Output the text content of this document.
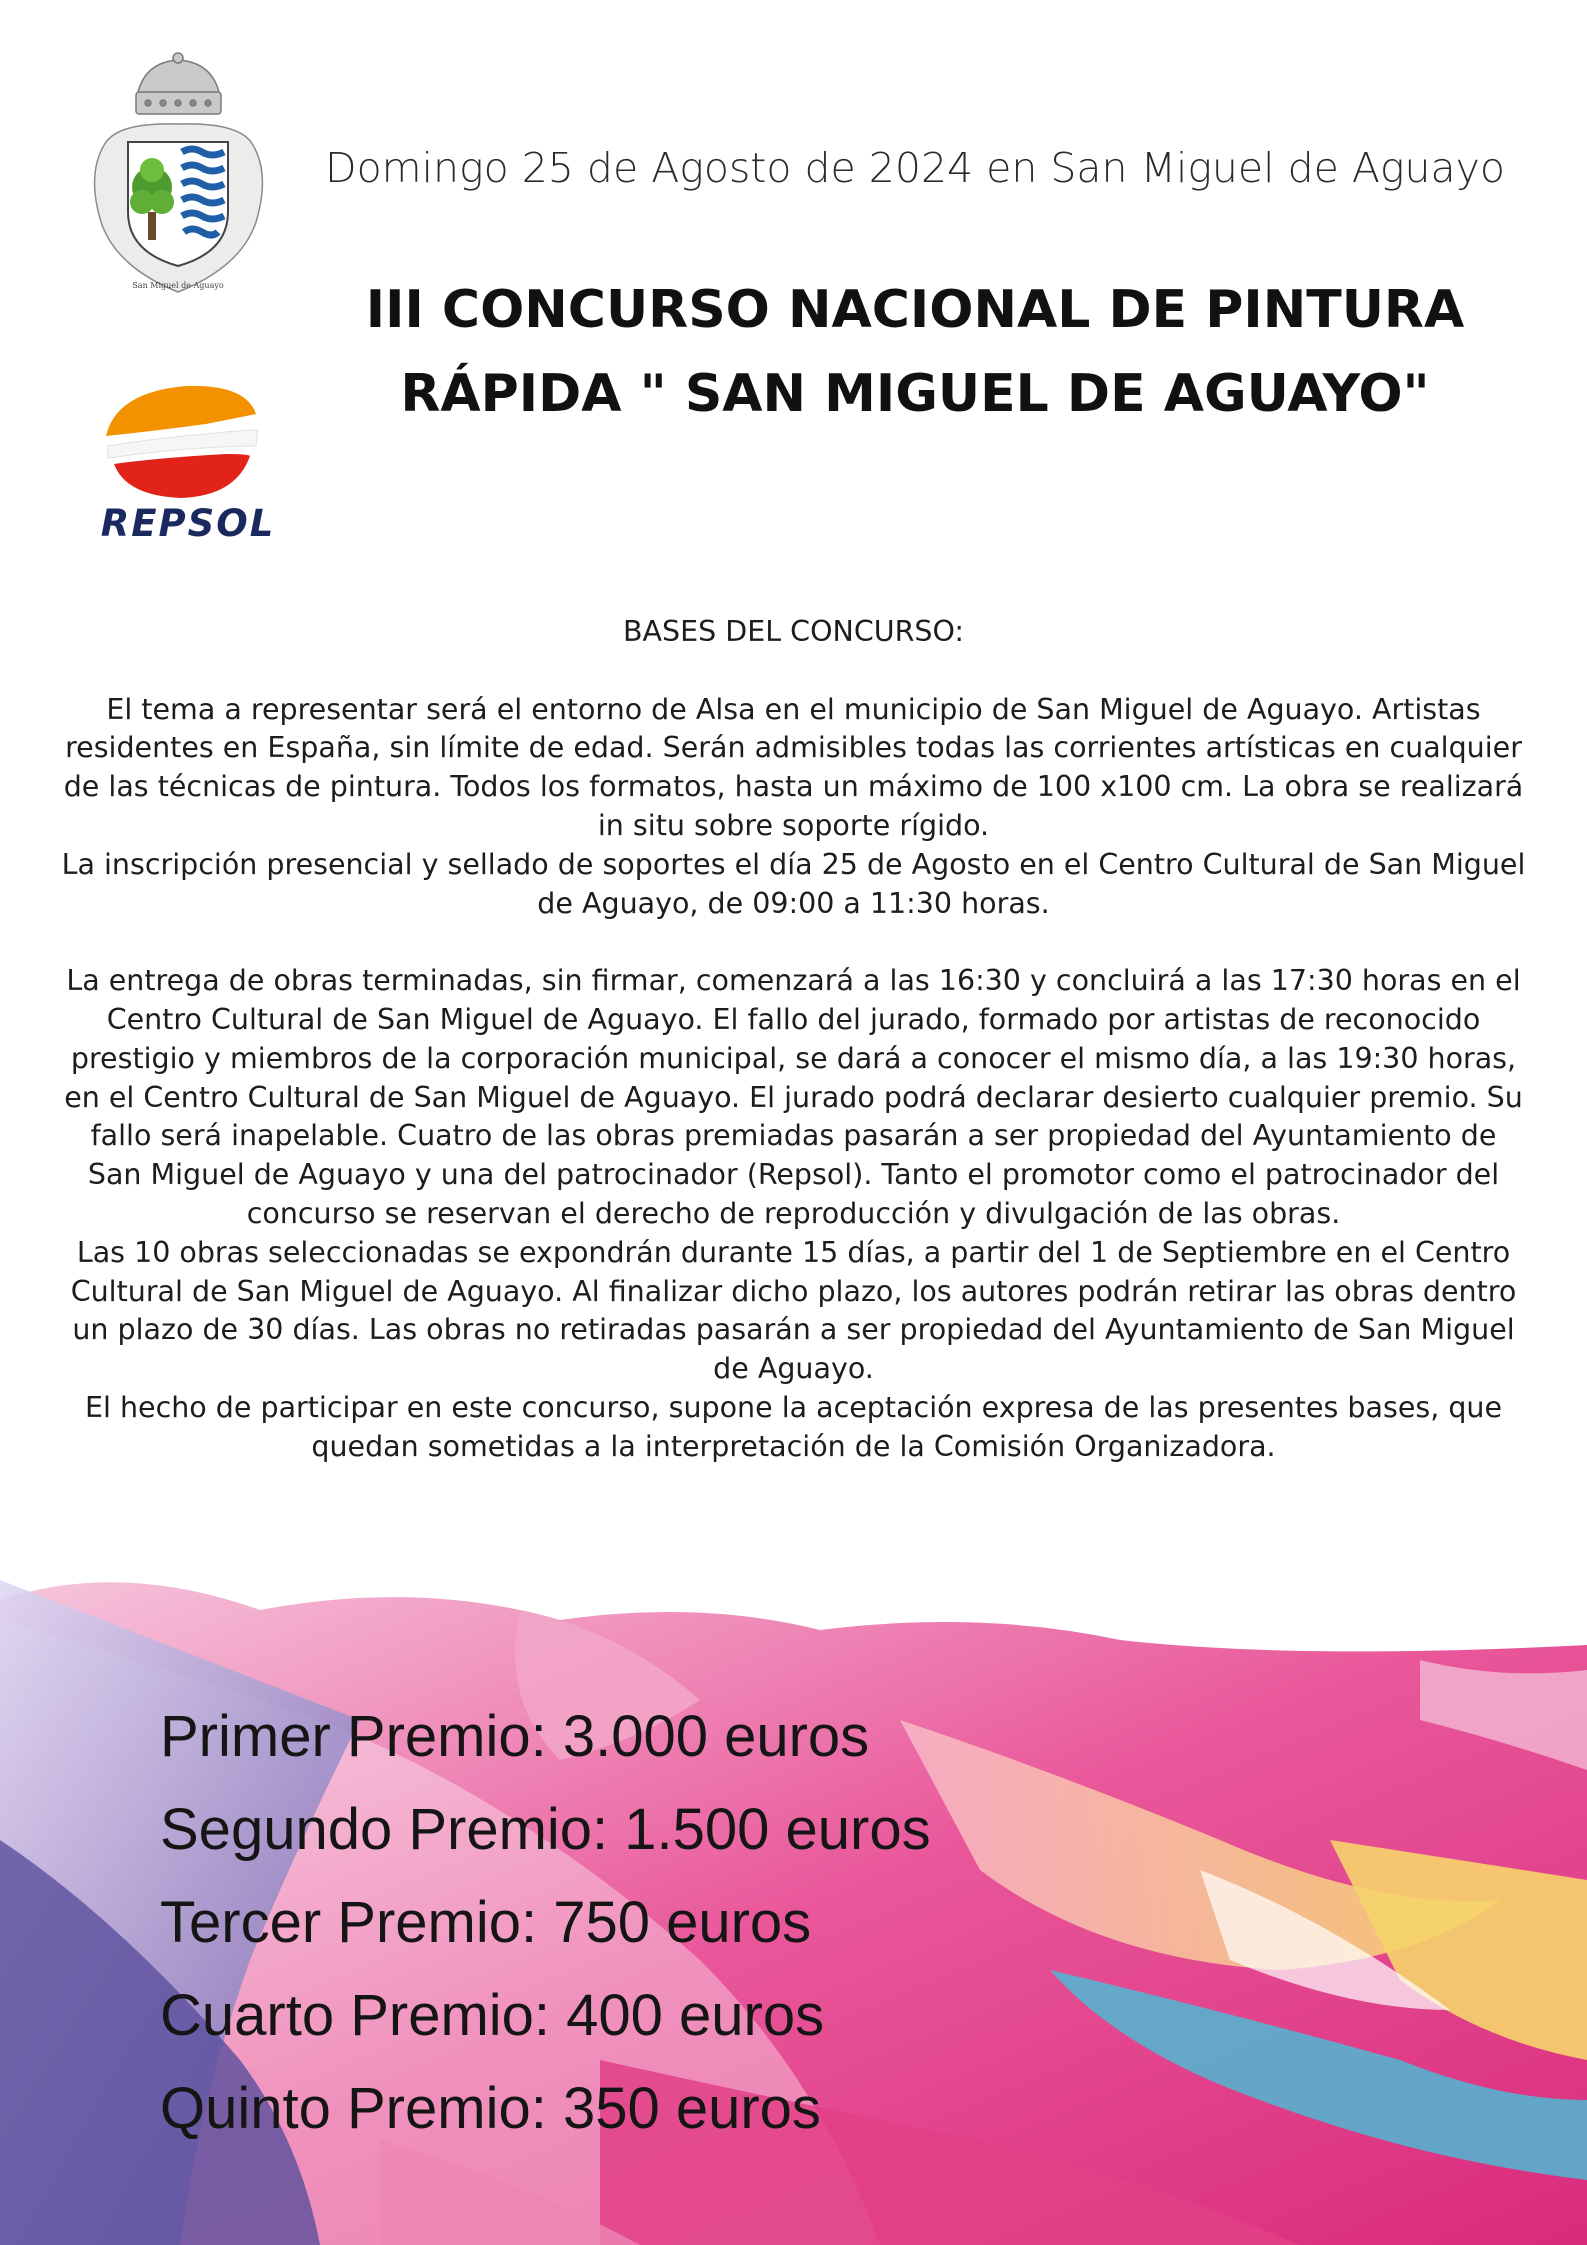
San Miguel de Aguayo
REPSOL
Domingo 25 de Agosto de 2024 en San Miguel de Aguayo
III CONCURSO NACIONAL DE PINTURA
RÁPIDA " SAN MIGUEL DE AGUAYO"

BASES DEL CONCURSO:

El tema a representar será el entorno de Alsa en el municipio de San Miguel de Aguayo. Artistas residentes en España, sin límite de edad. Serán admisibles todas las corrientes artísticas en cualquier de las técnicas de pintura. Todos los formatos, hasta un máximo de 100 x100 cm. La obra se realizará in situ sobre soporte rígido.

La inscripción presencial y sellado de soportes el día 25 de Agosto en el Centro Cultural de San Miguel de Aguayo, de 09:00 a 11:30 horas.

La entrega de obras terminadas, sin firmar, comenzará a las 16:30 y concluirá a las 17:30 horas en el Centro Cultural de San Miguel de Aguayo. El fallo del jurado, formado por artistas de reconocido prestigio y miembros de la corporación municipal, se dará a conocer el mismo día, a las 19:30 horas, en el Centro Cultural de San Miguel de Aguayo. El jurado podrá declarar desierto cualquier premio. Su fallo será inapelable. Cuatro de las obras premiadas pasarán a ser propiedad del Ayuntamiento de San Miguel de Aguayo y una del patrocinador (Repsol). Tanto el promotor como el patrocinador del concurso se reservan el derecho de reproducción y divulgación de las obras.

Las 10 obras seleccionadas se expondrán durante 15 días, a partir del 1 de Septiembre en el Centro Cultural de San Miguel de Aguayo. Al finalizar dicho plazo, los autores podrán retirar las obras dentro un plazo de 30 días. Las obras no retiradas pasarán a ser propiedad del Ayuntamiento de San Miguel de Aguayo.

El hecho de participar en este concurso, supone la aceptación expresa de las presentes bases, que quedan sometidas a la interpretación de la Comisión Organizadora.

Primer Premio: 3.000 euros
Segundo Premio: 1.500 euros
Tercer Premio: 750 euros
Cuarto Premio: 400 euros
Quinto Premio: 350 euros
